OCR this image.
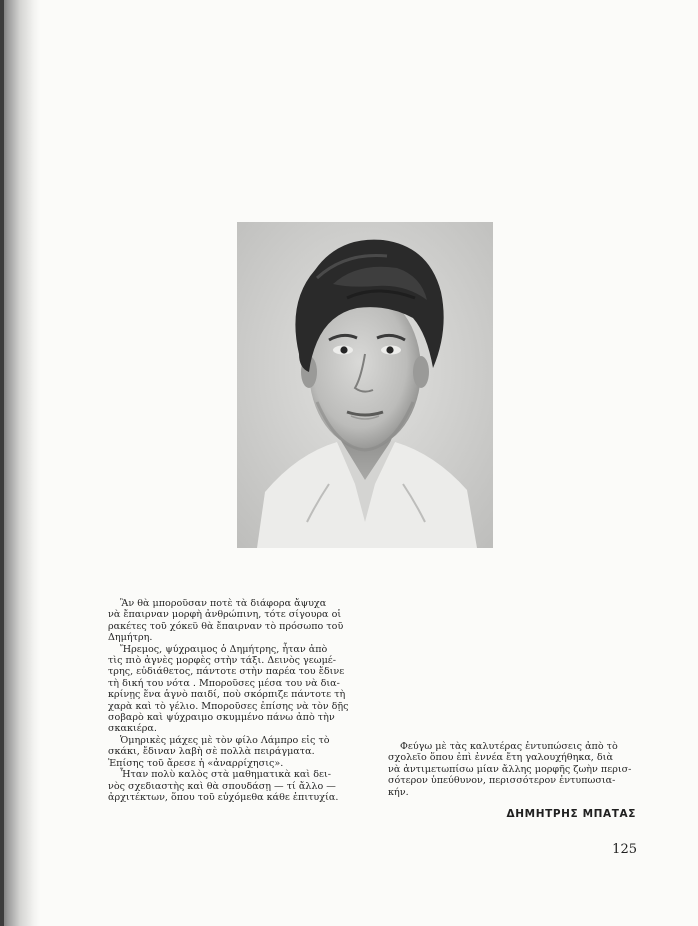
Ἂν θὰ μποροῦσαν ποτὲ τὰ διάφορα ἄψυχα
νὰ ἔπαιρναν μορφὴ ἀνθρώπινη, τότε σίγουρα οἱ
ρακέτες τοῦ χόκεϋ θὰ ἔπαιρναν τὸ πρόσωπο τοῦ
Δημήτρη.

Ἤρεμος, ψύχραιμος ὁ Δημήτρης, ἦταν ἀπὸ
τὶς πιὸ ἁγνὲς μορφὲς στὴν τάξι. Δεινὸς γεωμέ-
τρης, εὐδιάθετος, πάντοτε στὴν παρέα του ἔδινε
τὴ δική του νότα . Μποροῦσες μέσα του νὰ δια-
κρίνῃς ἕνα ἁγνὸ παιδί, ποὺ σκόρπιζε πάντοτε τὴ
χαρὰ καὶ τὸ γέλιο. Μποροῦσες ἐπίσης νὰ τὸν δῇς
σοβαρὸ καὶ ψύχραιμο σκυμμένο πάνω ἀπὸ τὴν
σκακιέρα.

Ὁμηρικὲς μάχες μὲ τὸν φίλο Λάμπρο εἰς τὸ
σκάκι, ἔδιναν λαβὴ σὲ πολλὰ πειράγματα.
Ἐπίσης τοῦ ἄρεσε ἡ «ἀναρρίχησις».

Ἦταν πολὺ καλὸς στὰ μαθηματικὰ καὶ δει-
νὸς σχεδιαστὴς καὶ θὰ σπουδάσῃ — τί ἄλλο —
ἀρχιτέκτων, ὅπου τοῦ εὐχόμεθα κάθε ἐπιτυχία.

Φεύγω μὲ τὰς καλυτέρας ἐντυπώσεις ἀπὸ τὸ
σχολεῖο ὅπου ἐπὶ ἐννέα ἔτη γαλουχήθηκα, διὰ
νὰ ἀντιμετωπίσω μίαν ἄλλης μορφῆς ζωὴν περισ-
σότερον ὑπεύθυνον, περισσότερον ἐντυπωσια-
κήν.

ΔΗΜΗΤΡΗΣ ΜΠΑΤΑΣ
125
